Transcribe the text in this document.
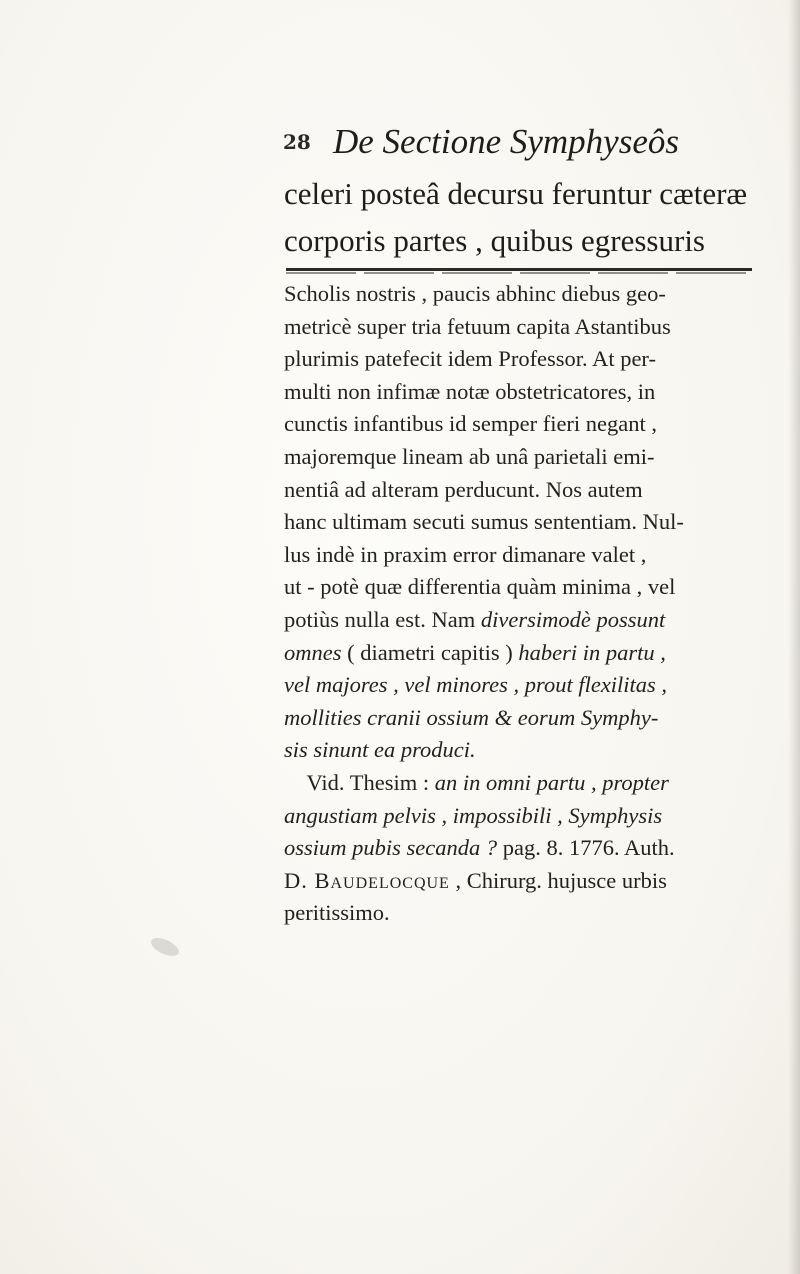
28 De Sectione Symphyseôs
celeri posteâ decursu feruntur cæteræ
corporis partes , quibus egressuris
Scholis nostris , paucis abhinc diebus geo-
metricè super tria fetuum capita Astantibus
plurimis patefecit idem Professor. At per-
multi non infimæ notæ obstetricatores, in
cunctis infantibus id semper fieri negant ,
majoremque lineam ab unâ parietali emi-
nentiâ ad alteram perducunt. Nos autem
hanc ultimam secuti sumus sententiam. Nul-
lus indè in praxim error dimanare valet ,
ut - potè quæ differentia quàm minima , vel
potiùs nulla est. Nam diversimodè possunt
omnes ( diametri capitis ) haberi in partu ,
vel majores , vel minores , prout flexilitas ,
mollities cranii ossium & eorum Symphy-
sis sinunt ea produci.
Vid. Thesim : an in omni partu , propter
angustiam pelvis , impossibili , Symphysis
ossium pubis secanda ? pag. 8. 1776. Auth.
D. Baudelocque , Chirurg. hujusce urbis
peritissimo.
